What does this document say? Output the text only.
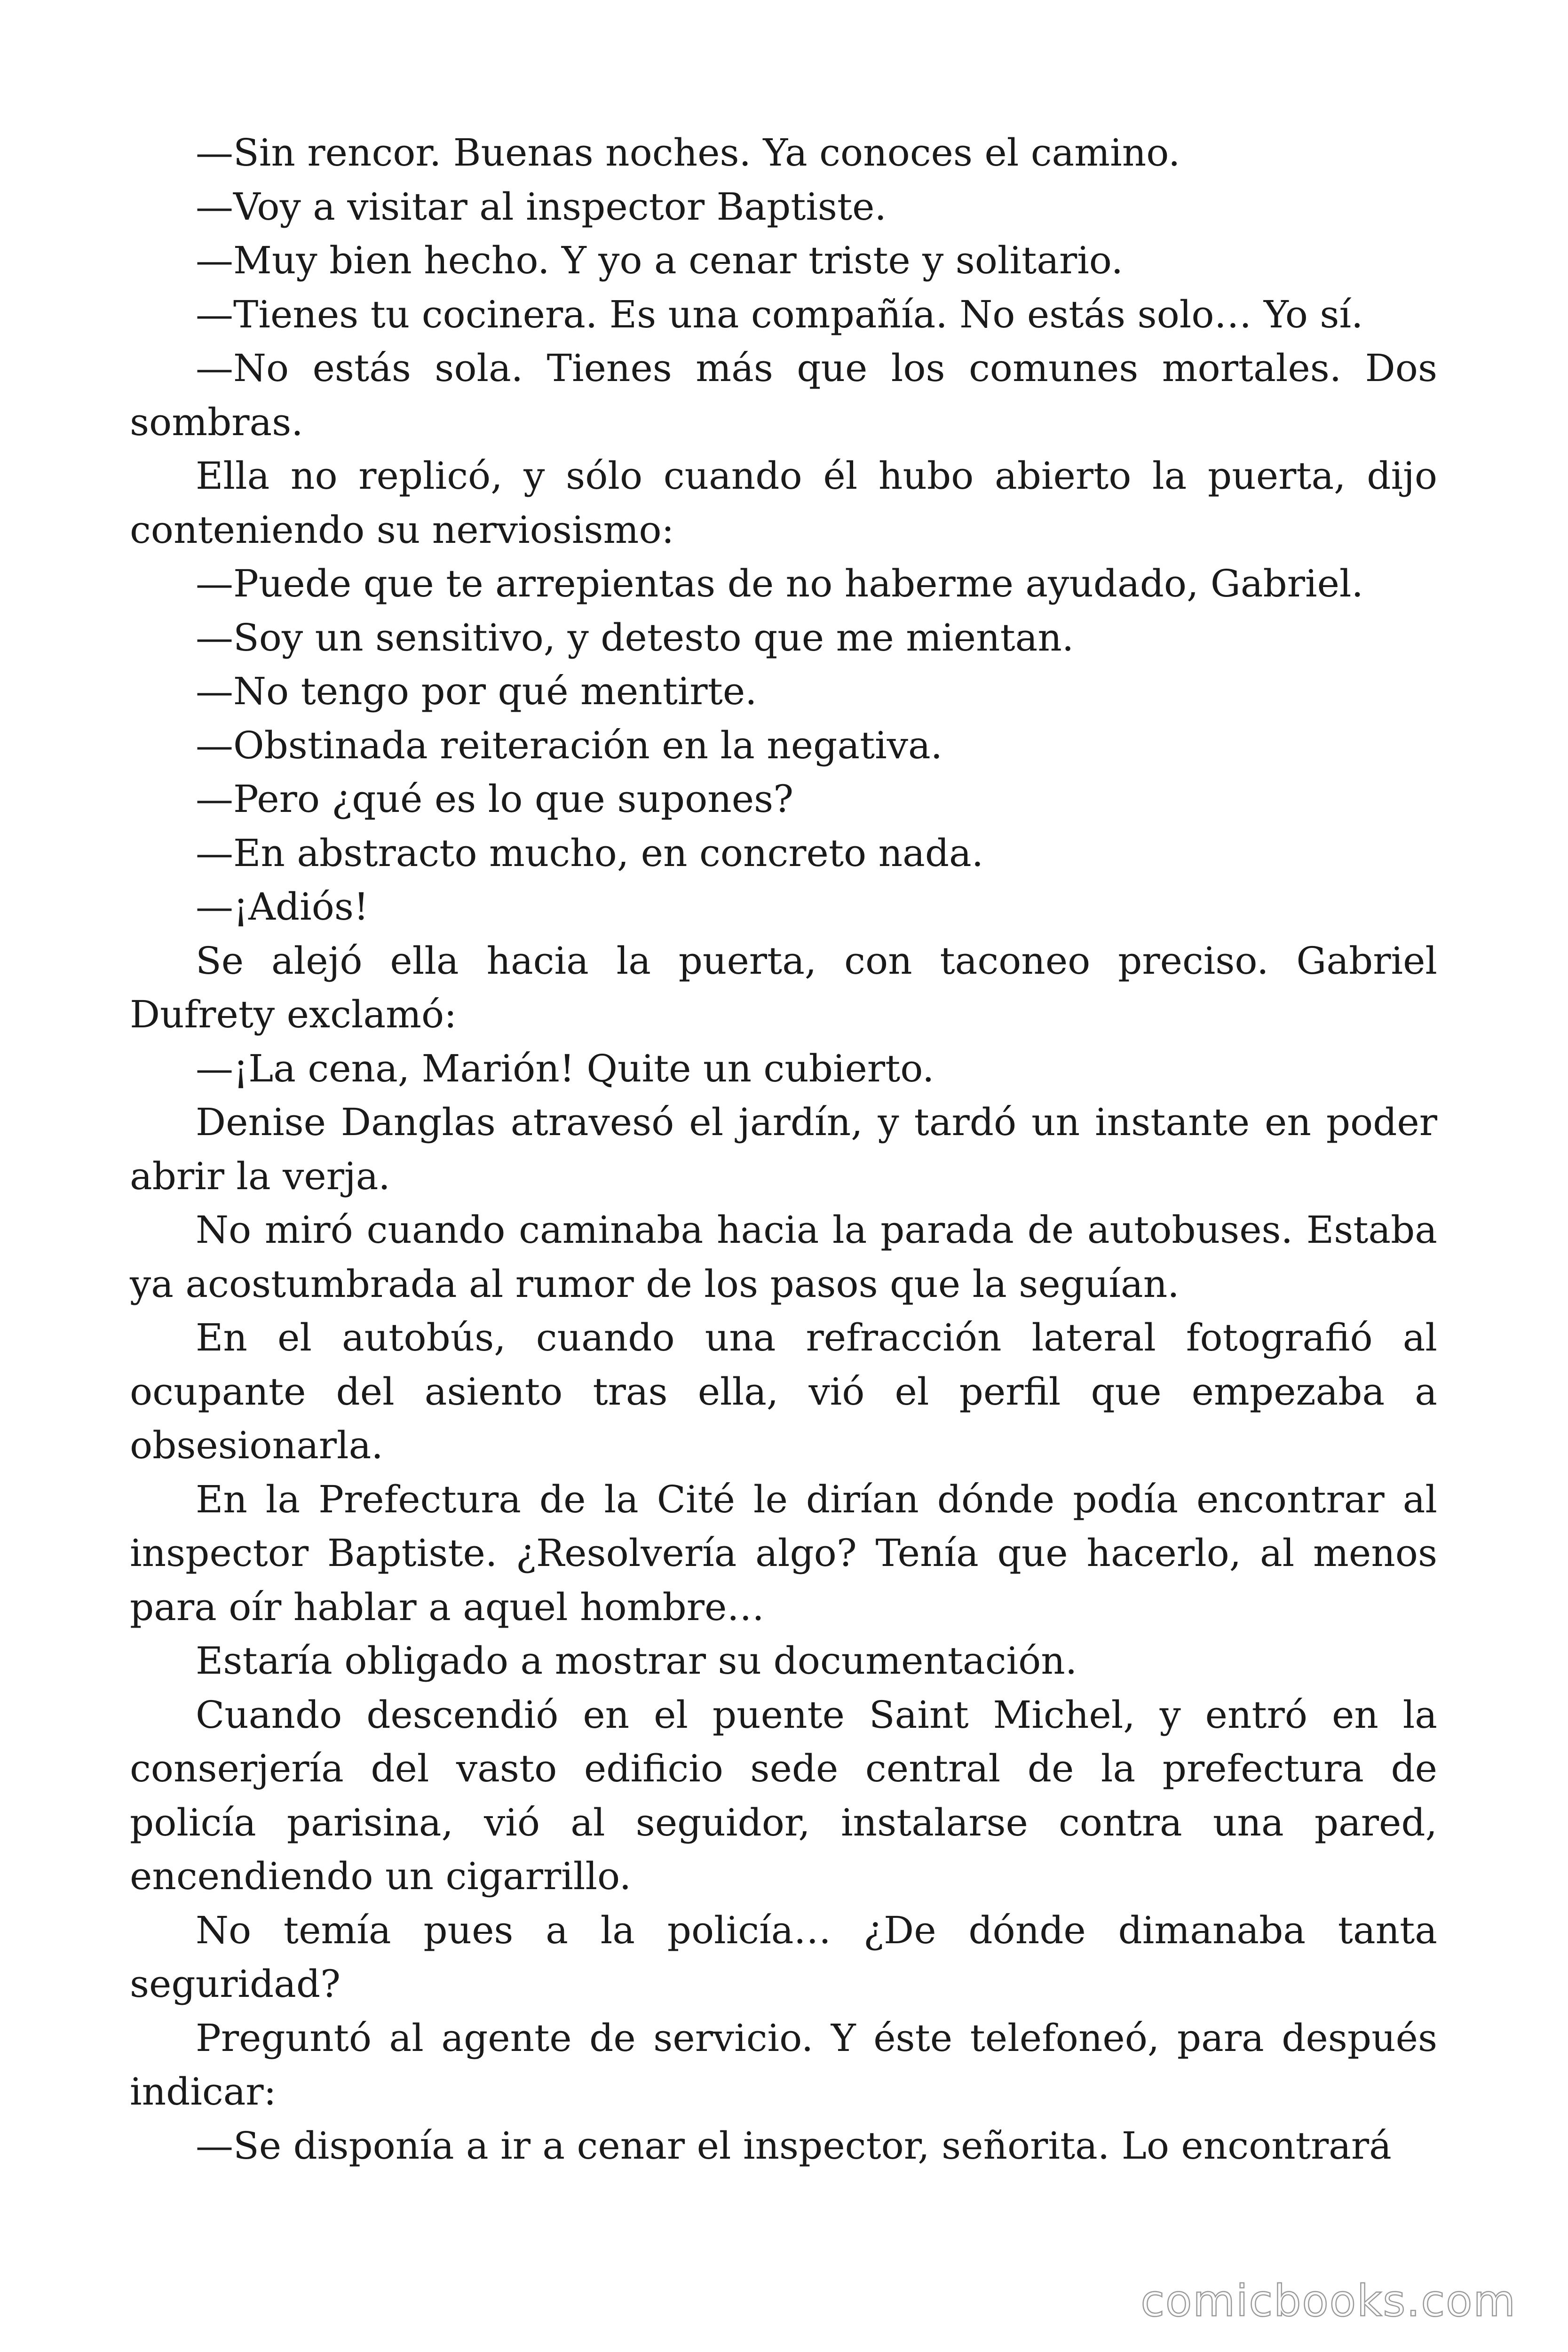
—Sin rencor. Buenas noches. Ya conoces el camino.

—Voy a visitar al inspector Baptiste.

—Muy bien hecho. Y yo a cenar triste y solitario.

—Tienes tu cocinera. Es una compañía. No estás solo… Yo sí.

—No estás sola. Tienes más que los comunes mortales. Dos sombras.

Ella no replicó, y sólo cuando él hubo abierto la puerta, dijo conteniendo su nerviosismo:

—Puede que te arrepientas de no haberme ayudado, Gabriel.

—Soy un sensitivo, y detesto que me mientan.

—No tengo por qué mentirte.

—Obstinada reiteración en la negativa.

—Pero ¿qué es lo que supones?

—En abstracto mucho, en concreto nada.

—¡Adiós!

Se alejó ella hacia la puerta, con taconeo preciso. Gabriel Dufrety exclamó:

—¡La cena, Marión! Quite un cubierto.

Denise Danglas atravesó el jardín, y tardó un instante en poder abrir la verja.

No miró cuando caminaba hacia la parada de autobuses. Estaba ya acostumbrada al rumor de los pasos que la seguían.

En el autobús, cuando una refracción lateral fotografió al ocupante del asiento tras ella, vió el perfil que empezaba a obsesionarla.

En la Prefectura de la Cité le dirían dónde podía encontrar al inspector Baptiste. ¿Resolvería algo? Tenía que hacerlo, al menos para oír hablar a aquel hombre…

Estaría obligado a mostrar su documentación.

Cuando descendió en el puente Saint Michel, y entró en la conserjería del vasto edificio sede central de la prefectura de policía parisina, vió al seguidor, instalarse contra una pared, encendiendo un cigarrillo.

No temía pues a la policía… ¿De dónde dimanaba tanta seguridad?

Preguntó al agente de servicio. Y éste telefoneó, para después indicar:

—Se disponía a ir a cenar el inspector, señorita. Lo encontrará

comicbooks.com
